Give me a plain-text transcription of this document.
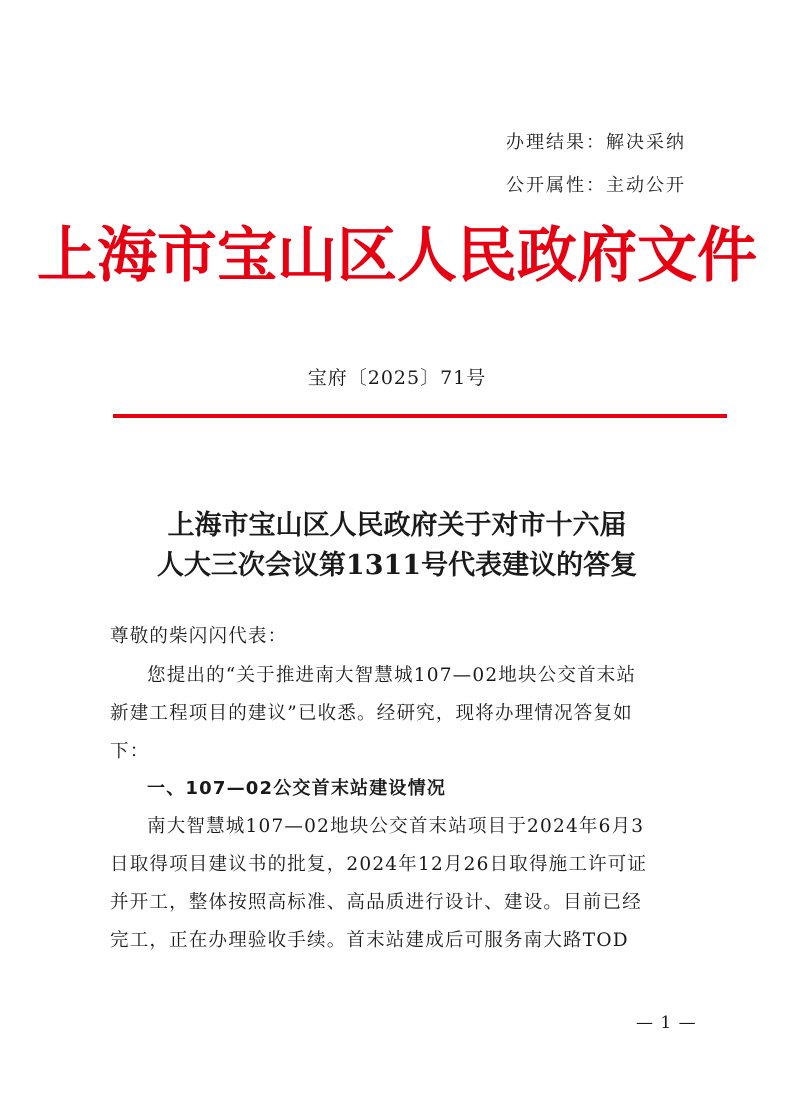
办理结果：解决采纳
公开属性：主动公开
上海市宝山区人民政府文件
宝府〔2025〕71号
上海市宝山区人民政府关于对市十六届
人大三次会议第1311号代表建议的答复
尊敬的柴闪闪代表：
您提出的“关于推进南大智慧城107—02地块公交首末站
新建工程项目的建议”已收悉。经研究，现将办理情况答复如
下：
一、107—02公交首末站建设情况
南大智慧城107—02地块公交首末站项目于2024年6月3
日取得项目建议书的批复，2024年12月26日取得施工许可证
并开工，整体按照高标准、高品质进行设计、建设。目前已经
完工，正在办理验收手续。首末站建成后可服务南大路TOD
— 1 —
